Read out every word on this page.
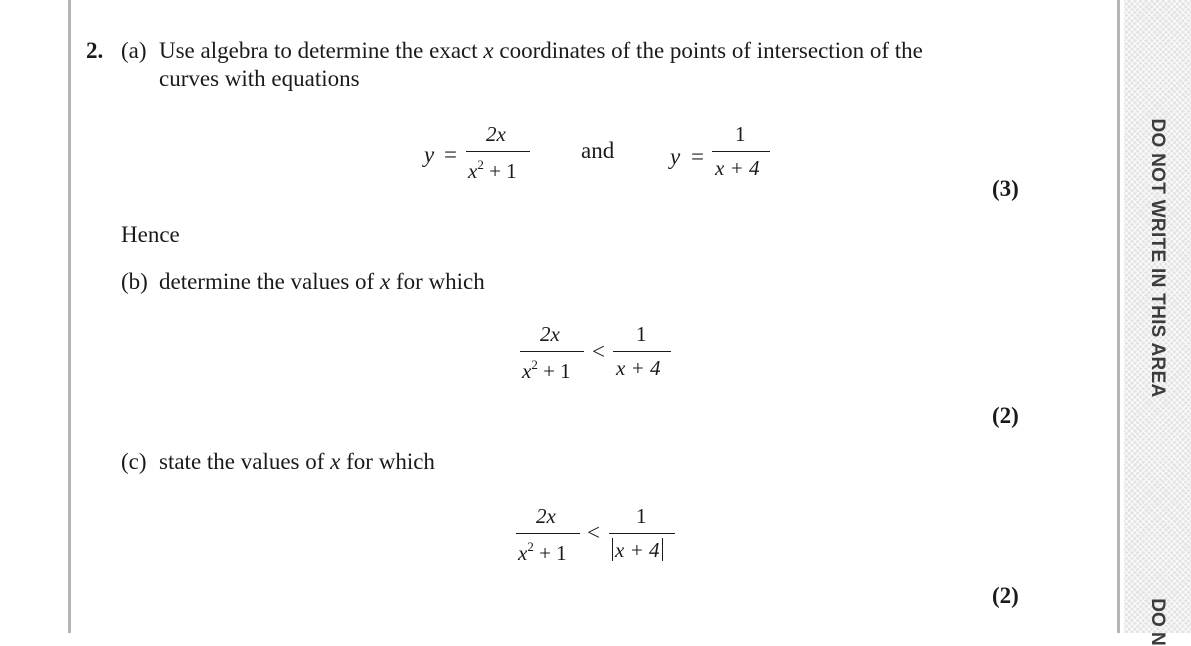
DO NOT WRITE IN THIS AREA
DO N
2. (a) Use algebra to determine the exact x coordinates of the points of intersection of the
curves with equations
y =
2x
$x^2 + 1$
and y =
1
x + 4
(3)
Hence
(b) determine the values of x for which
2x
$x^2 + 1$
<
1
x + 4
(2)
(c) state the values of x for which
2x
$x^2 + 1$
<
1
x + 4
(2)
